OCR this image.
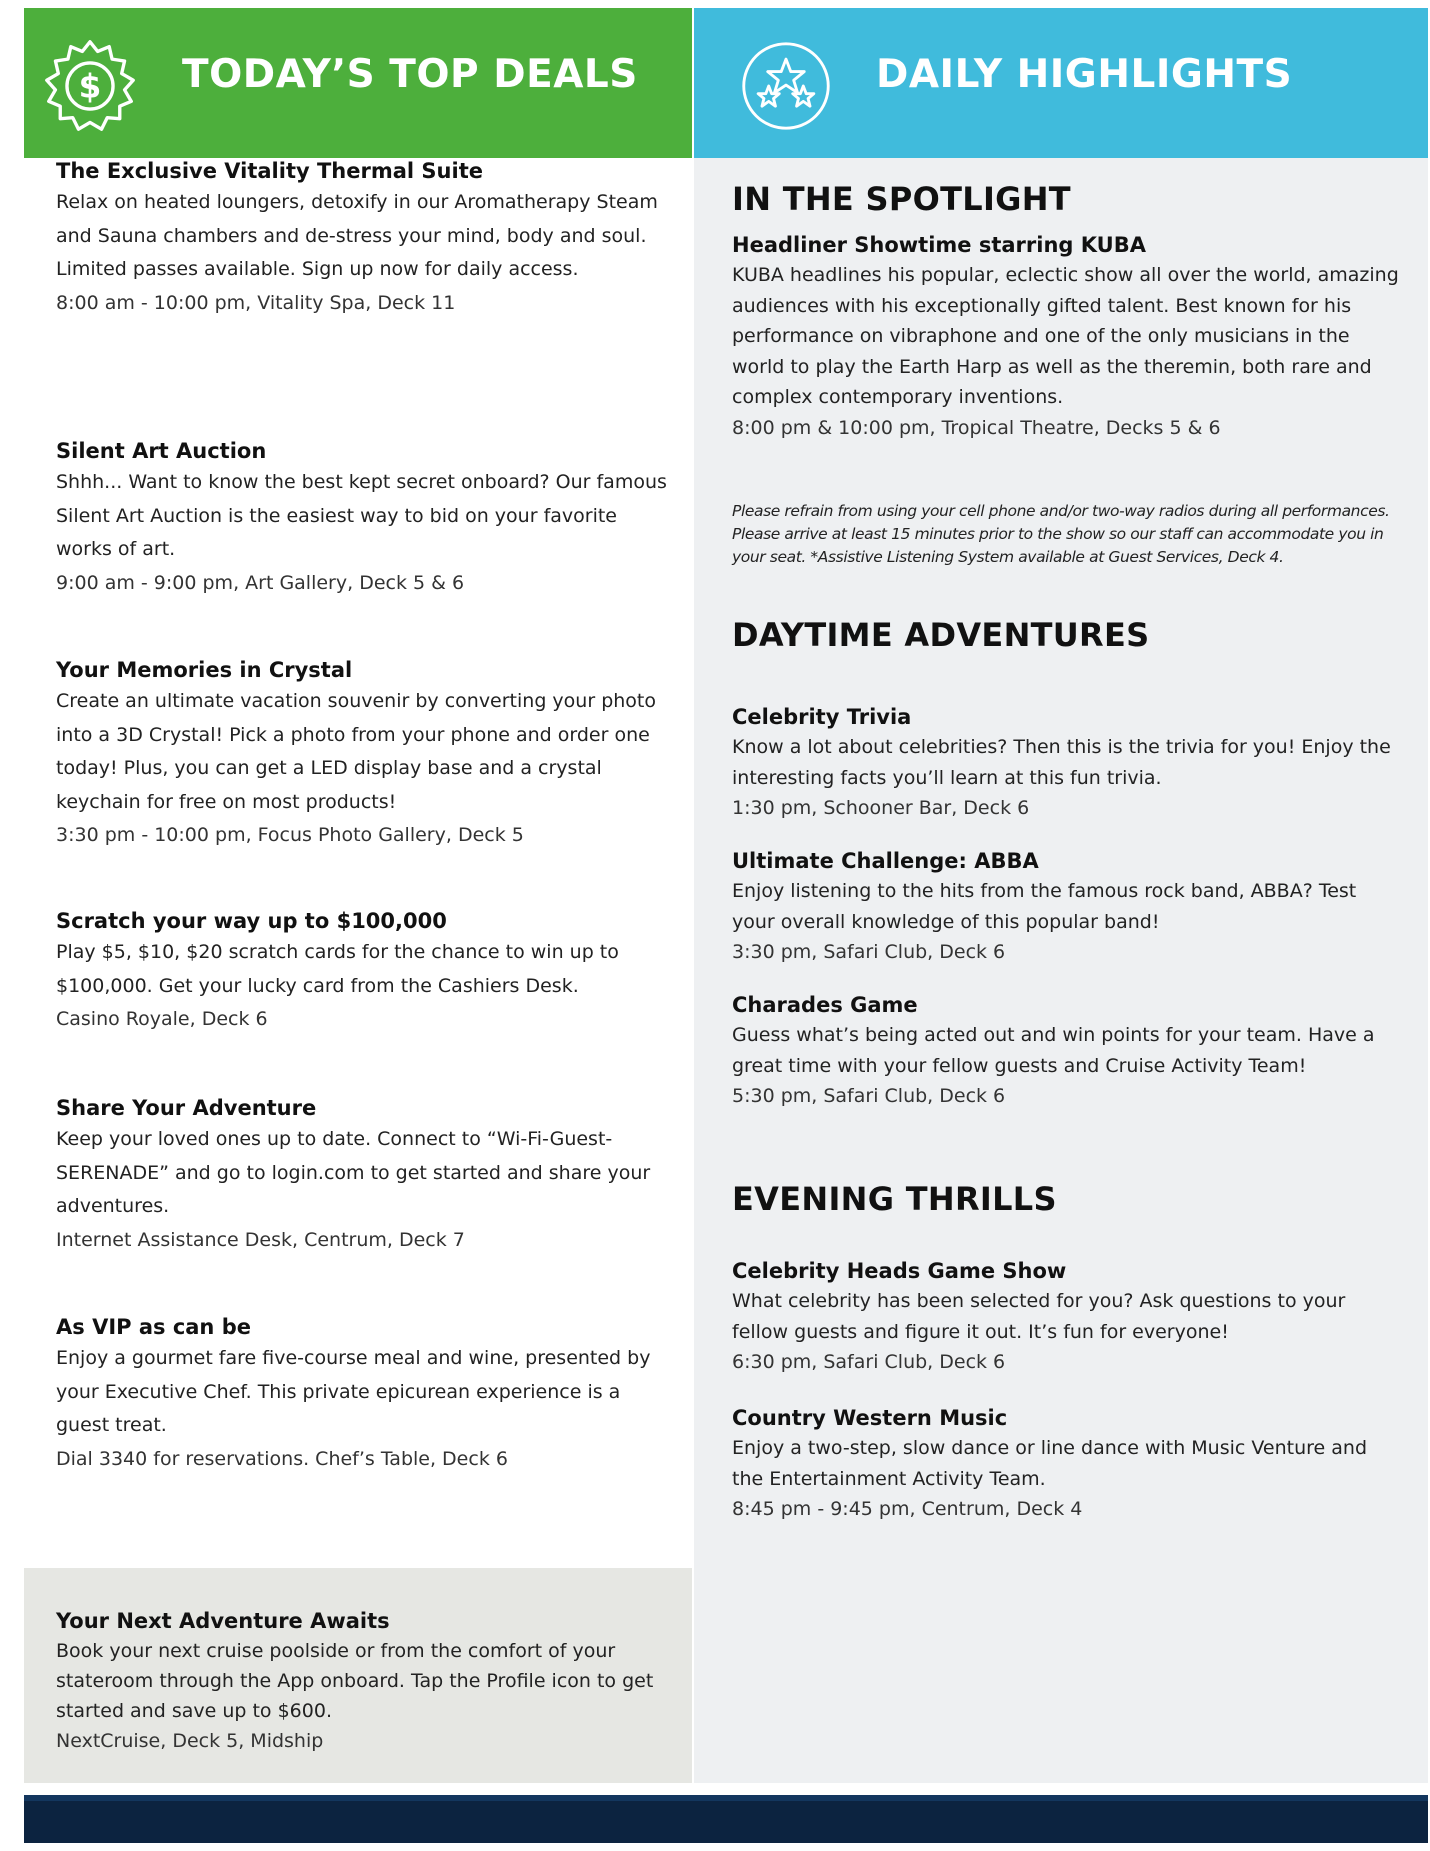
$ TODAY’S TOP DEALS
The Exclusive Vitality Thermal Suite
Relax on heated loungers, detoxify in our Aromatherapy Steam and Sauna chambers and de-stress your mind, body and soul. Limited passes available. Sign up now for daily access.
8:00 am - 10:00 pm, Vitality Spa, Deck 11
Silent Art Auction
Shhh... Want to know the best kept secret onboard? Our famous Silent Art Auction is the easiest way to bid on your favorite works of art.
9:00 am - 9:00 pm, Art Gallery, Deck 5 & 6
Your Memories in Crystal
Create an ultimate vacation souvenir by converting your photo into a 3D Crystal! Pick a photo from your phone and order one today! Plus, you can get a LED display base and a crystal keychain for free on most products!
3:30 pm - 10:00 pm, Focus Photo Gallery, Deck 5
Scratch your way up to $100,000
Play $5, $10, $20 scratch cards for the chance to win up to $100,000. Get your lucky card from the Cashiers Desk.
Casino Royale, Deck 6
Share Your Adventure
Keep your loved ones up to date. Connect to “Wi-Fi-Guest-SERENADE” and go to login.com to get started and share your adventures.
Internet Assistance Desk, Centrum, Deck 7
As VIP as can be
Enjoy a gourmet fare five-course meal and wine, presented by your Executive Chef. This private epicurean experience is a guest treat.
Dial 3340 for reservations. Chef’s Table, Deck 6
Your Next Adventure Awaits
Book your next cruise poolside or from the comfort of your stateroom through the App onboard. Tap the Profile icon to get started and save up to $600.
NextCruise, Deck 5, Midship
DAILY HIGHLIGHTS
IN THE SPOTLIGHT
Headliner Showtime starring KUBA
KUBA headlines his popular, eclectic show all over the world, amazing audiences with his exceptionally gifted talent. Best known for his performance on vibraphone and one of the only musicians in the world to play the Earth Harp as well as the theremin, both rare and complex contemporary inventions.
8:00 pm & 10:00 pm, Tropical Theatre, Decks 5 & 6
Please refrain from using your cell phone and/or two-way radios during all performances. Please arrive at least 15 minutes prior to the show so our staff can accommodate you in your seat. *Assistive Listening System available at Guest Services, Deck 4.
DAYTIME ADVENTURES
Celebrity Trivia
Know a lot about celebrities? Then this is the trivia for you! Enjoy the interesting facts you’ll learn at this fun trivia.
1:30 pm, Schooner Bar, Deck 6
Ultimate Challenge: ABBA
Enjoy listening to the hits from the famous rock band, ABBA? Test your overall knowledge of this popular band!
3:30 pm, Safari Club, Deck 6
Charades Game
Guess what’s being acted out and win points for your team. Have a great time with your fellow guests and Cruise Activity Team!
5:30 pm, Safari Club, Deck 6
EVENING THRILLS
Celebrity Heads Game Show
What celebrity has been selected for you? Ask questions to your fellow guests and figure it out. It’s fun for everyone!
6:30 pm, Safari Club, Deck 6
Country Western Music
Enjoy a two-step, slow dance or line dance with Music Venture and the Entertainment Activity Team.
8:45 pm - 9:45 pm, Centrum, Deck 4
